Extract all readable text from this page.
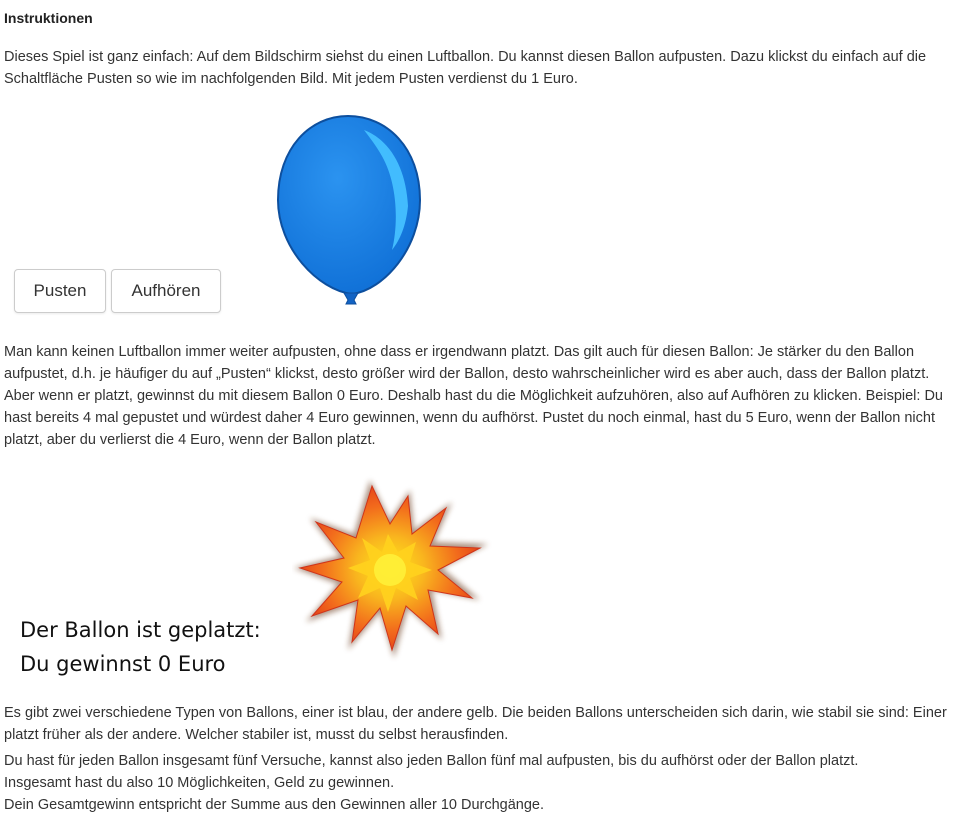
Instruktionen

Dieses Spiel ist ganz einfach: Auf dem Bildschirm siehst du einen Luftballon. Du kannst diesen Ballon aufpusten. Dazu klickst du einfach auf die Schaltfläche Pusten so wie im nachfolgenden Bild. Mit jedem Pusten verdienst du 1 Euro.

Pusten	Aufhören

Man kann keinen Luftballon immer weiter aufpusten, ohne dass er irgendwann platzt. Das gilt auch für diesen Ballon: Je stärker du den Ballon aufpustet, d.h. je häufiger du auf „Pusten“ klickst, desto größer wird der Ballon, desto wahrscheinlicher wird es aber auch, dass der Ballon platzt. Aber wenn er platzt, gewinnst du mit diesem Ballon 0 Euro. Deshalb hast du die Möglichkeit aufzuhören, also auf Aufhören zu klicken. Beispiel: Du hast bereits 4 mal gepustet und würdest daher 4 Euro gewinnen, wenn du aufhörst. Pustet du noch einmal, hast du 5 Euro, wenn der Ballon nicht platzt, aber du verlierst die 4 Euro, wenn der Ballon platzt.

Der Ballon ist geplatzt:
Du gewinnst 0 Euro

Es gibt zwei verschiedene Typen von Ballons, einer ist blau, der andere gelb. Die beiden Ballons unterscheiden sich darin, wie stabil sie sind: Einer platzt früher als der andere. Welcher stabiler ist, musst du selbst herausfinden.

Du hast für jeden Ballon insgesamt fünf Versuche, kannst also jeden Ballon fünf mal aufpusten, bis du aufhörst oder der Ballon platzt.
Insgesamt hast du also 10 Möglichkeiten, Geld zu gewinnen.
Dein Gesamtgewinn entspricht der Summe aus den Gewinnen aller 10 Durchgänge.
